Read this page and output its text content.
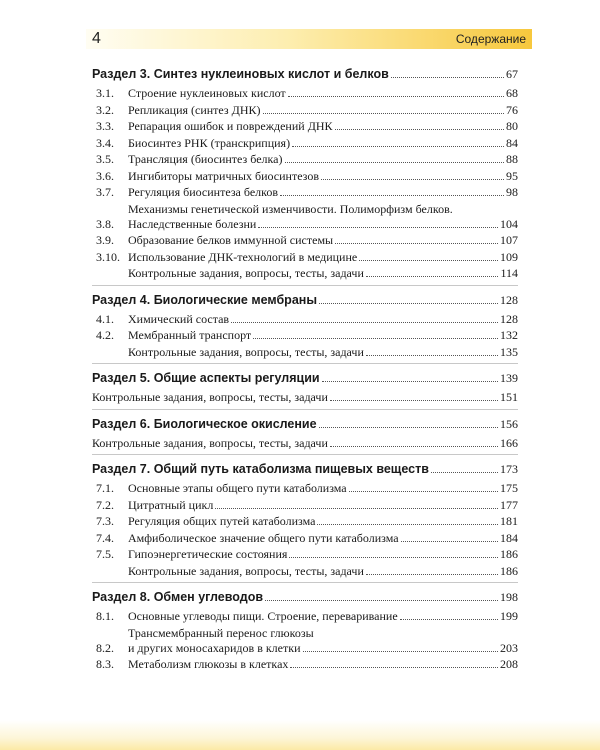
4	Содержание
Раздел 3. Синтез нуклеиновых кислот и белков	67
3.1.	Строение нуклеиновых кислот	68
3.2.	Репликация (синтез ДНК)	76
3.3.	Репарация ошибок и повреждений ДНК	80
3.4.	Биосинтез РНК (транскрипция)	84
3.5.	Трансляция (биосинтез белка)	88
3.6.	Ингибиторы матричных биосинтезов	95
3.7.	Регуляция биосинтеза белков	98
3.8.
Механизмы генетической изменчивости. Полиморфизм белков.
Наследственные болезни	104
3.9.	Образование белков иммунной системы	107
3.10. Использование ДНК-технологий в медицине	109
Контрольные задания, вопросы, тесты, задачи	114
Раздел 4. Биологические мембраны	128
4.1.	Химический состав	128
4.2.	Мембранный транспорт	132
Контрольные задания, вопросы, тесты, задачи	135
Раздел 5. Общие аспекты регуляции	139
Контрольные задания, вопросы, тесты, задачи	151
Раздел 6. Биологическое окисление	156
Контрольные задания, вопросы, тесты, задачи	166
Раздел 7. Общий путь катаболизма пищевых веществ	173
7.1.	Основные этапы общего пути катаболизма	175
7.2.	Цитратный цикл	177
7.3.	Регуляция общих путей катаболизма	181
7.4.	Амфиболическое значение общего пути катаболизма	184
7.5.	Гипоэнергетические состояния	186
Контрольные задания, вопросы, тесты, задачи	186
Раздел 8. Обмен углеводов	198
8.1.	Основные углеводы пищи. Строение, переваривание	199
8.2.
Трансмембранный перенос глюкозы
и других моносахаридов в клетки	203
8.3.	Метаболизм глюкозы в клетках	208
